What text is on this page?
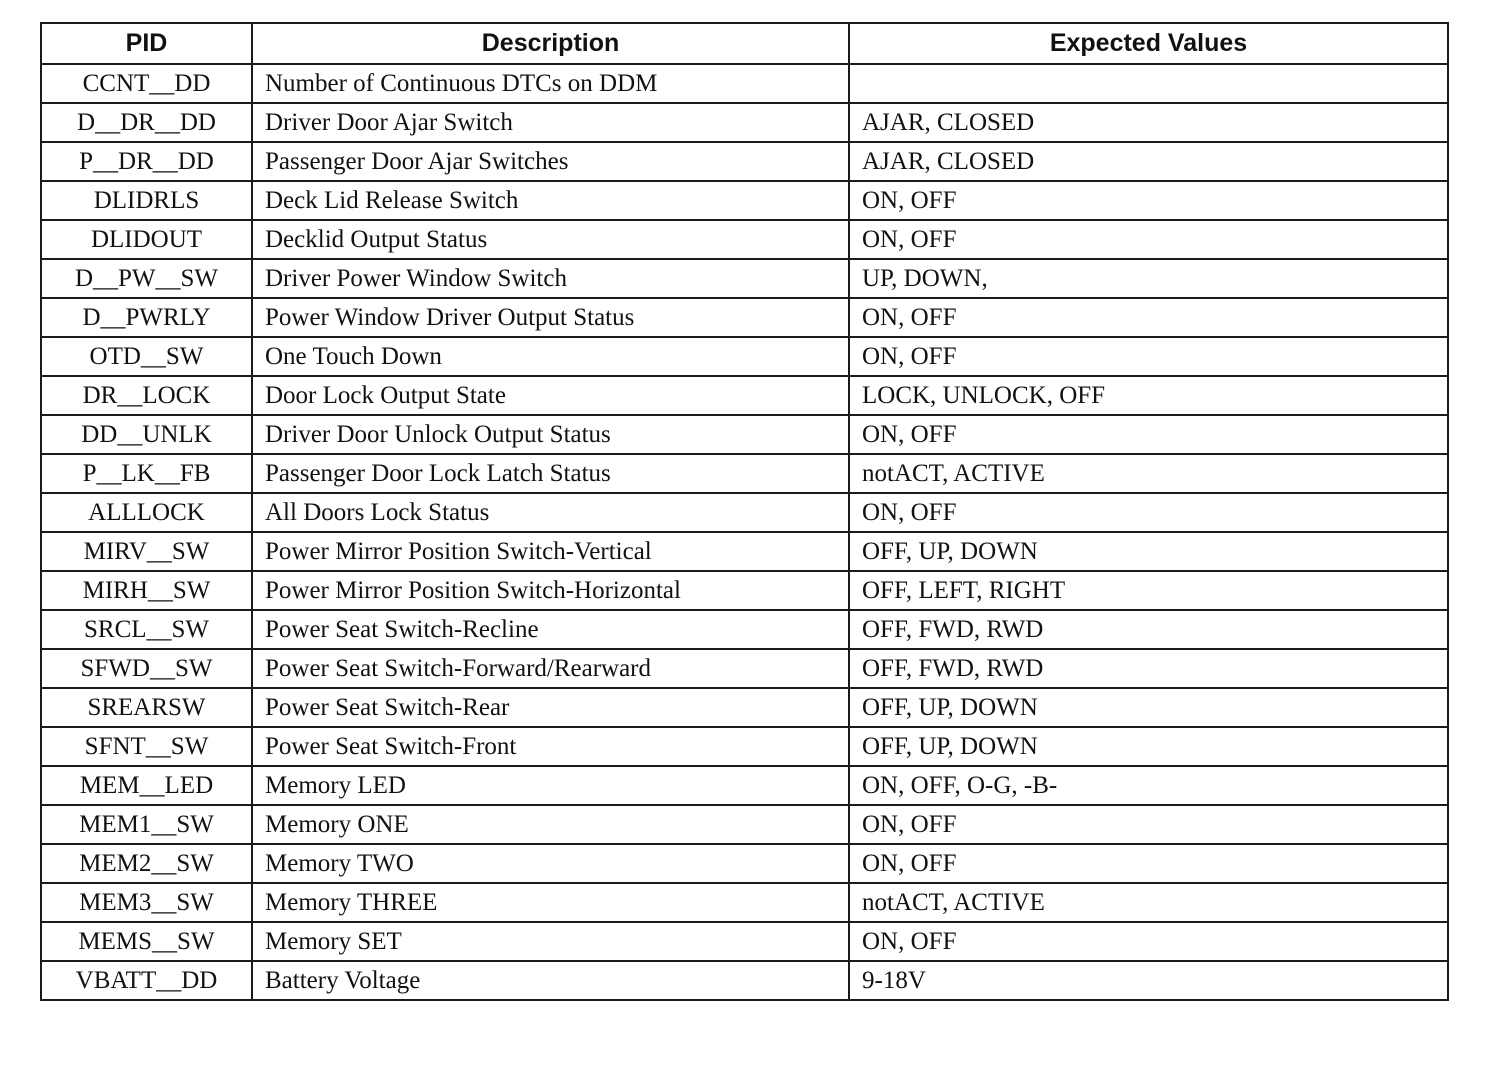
PID	Description	Expected Values
CCNT__DD	Number of Continuous DTCs on DDM	
D__DR__DD	Driver Door Ajar Switch	AJAR, CLOSED
P__DR__DD	Passenger Door Ajar Switches	AJAR, CLOSED
DLIDRLS	Deck Lid Release Switch	ON, OFF
DLIDOUT	Decklid Output Status	ON, OFF
D__PW__SW	Driver Power Window Switch	UP, DOWN,
D__PWRLY	Power Window Driver Output Status	ON, OFF
OTD__SW	One Touch Down	ON, OFF
DR__LOCK	Door Lock Output State	LOCK, UNLOCK, OFF
DD__UNLK	Driver Door Unlock Output Status	ON, OFF
P__LK__FB	Passenger Door Lock Latch Status	notACT, ACTIVE
ALLLOCK	All Doors Lock Status	ON, OFF
MIRV__SW	Power Mirror Position Switch-Vertical	OFF, UP, DOWN
MIRH__SW	Power Mirror Position Switch-Horizontal	OFF, LEFT, RIGHT
SRCL__SW	Power Seat Switch-Recline	OFF, FWD, RWD
SFWD__SW	Power Seat Switch-Forward/Rearward	OFF, FWD, RWD
SREARSW	Power Seat Switch-Rear	OFF, UP, DOWN
SFNT__SW	Power Seat Switch-Front	OFF, UP, DOWN
MEM__LED	Memory LED	ON, OFF, O-G, -B-
MEM1__SW	Memory ONE	ON, OFF
MEM2__SW	Memory TWO	ON, OFF
MEM3__SW	Memory THREE	notACT, ACTIVE
MEMS__SW	Memory SET	ON, OFF
VBATT__DD	Battery Voltage	9-18V
